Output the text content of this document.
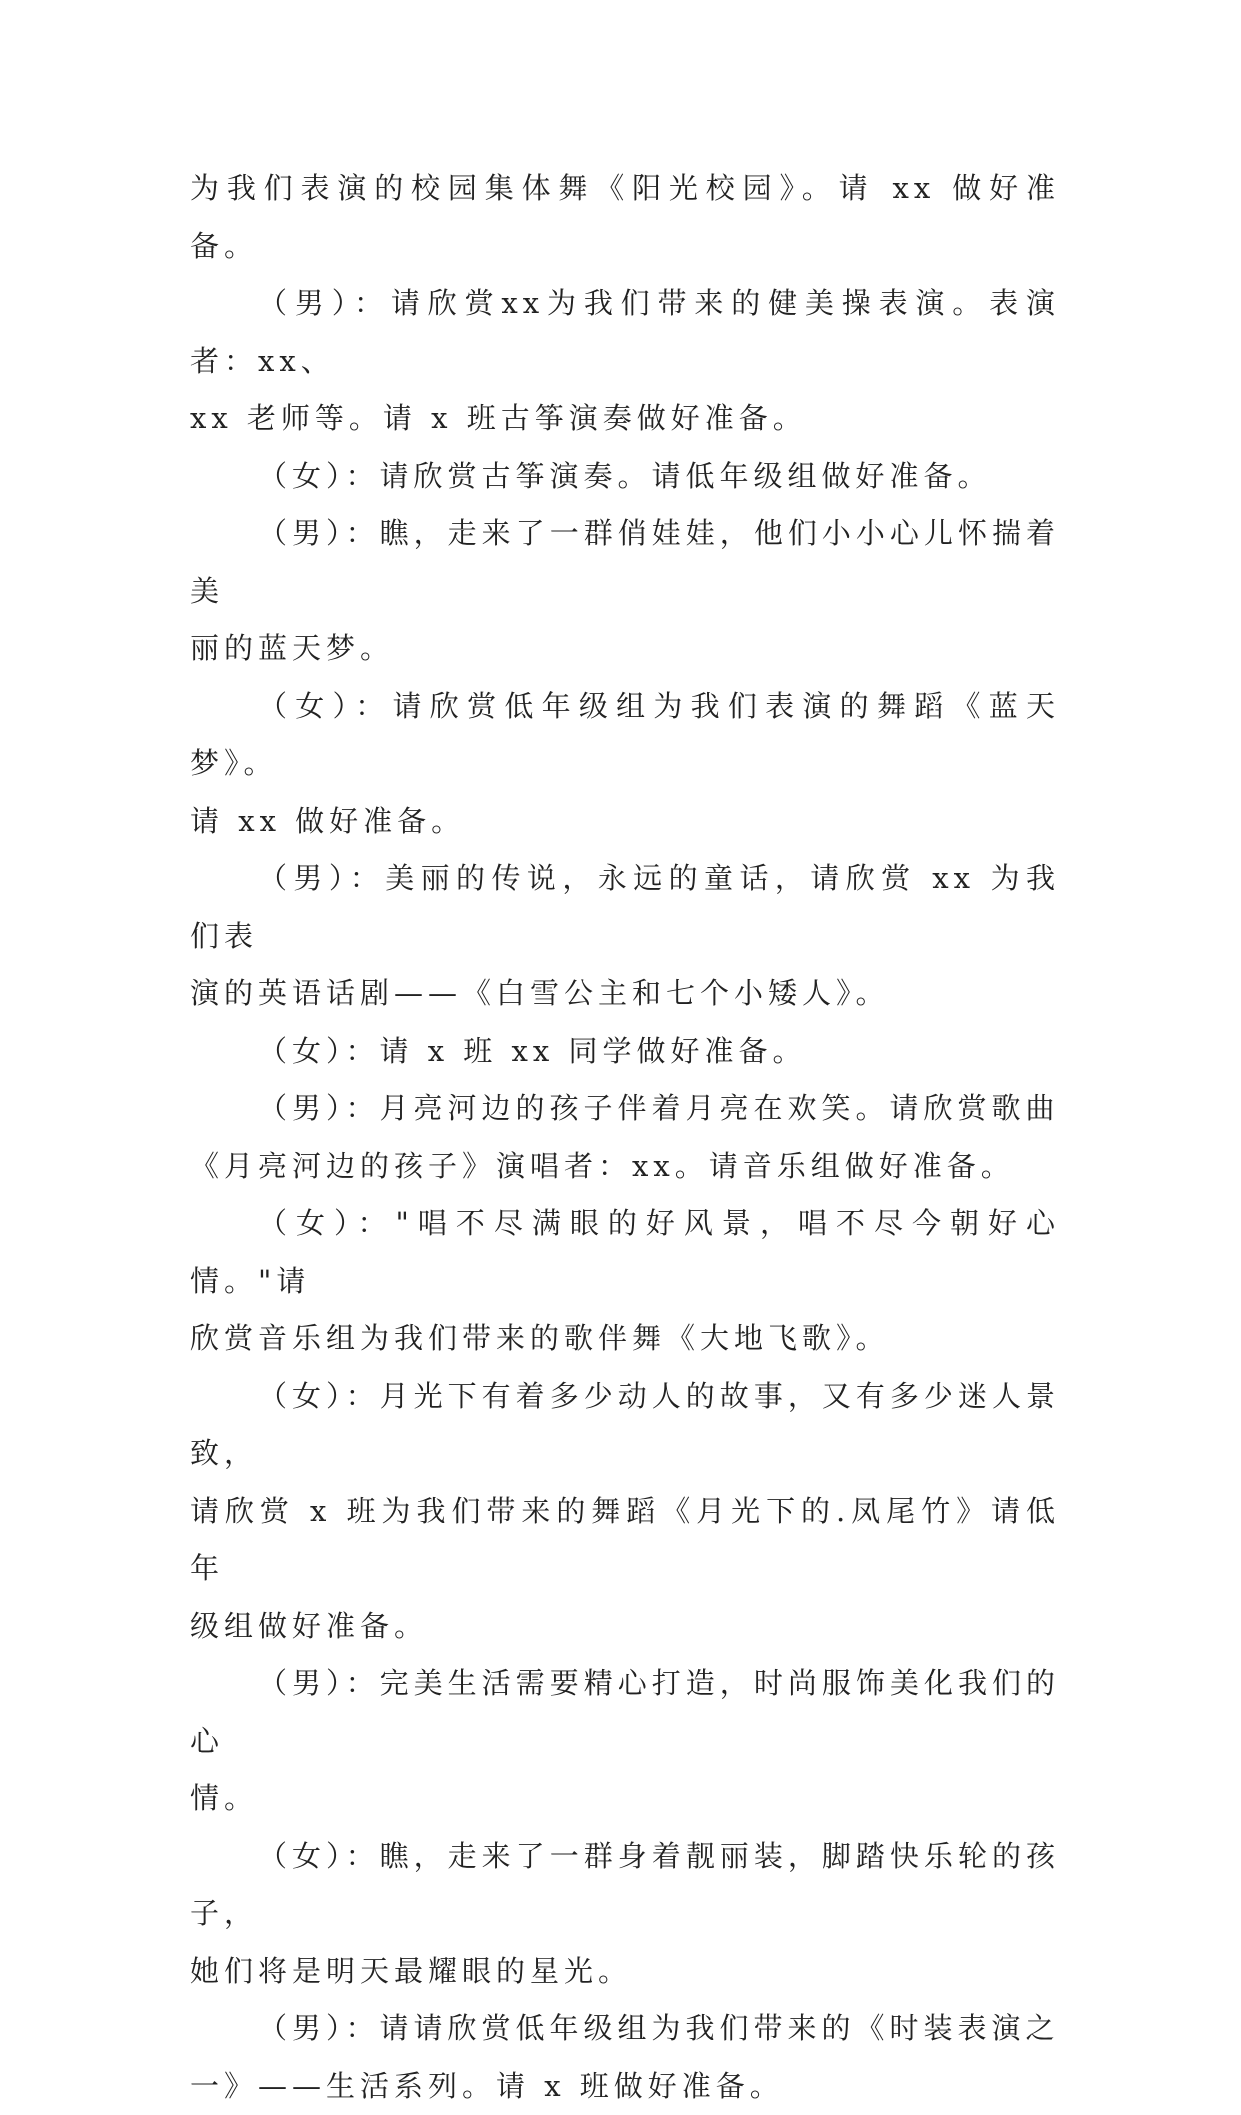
为我们表演的校园集体舞《阳光校园》。请 xx 做好准备。

（男）：请欣赏xx为我们带来的健美操表演。表演者：xx、
xx 老师等。请 x 班古筝演奏做好准备。

（女）：请欣赏古筝演奏。请低年级组做好准备。

（男）：瞧，走来了一群俏娃娃，他们小小心儿怀揣着美
丽的蓝天梦。

（女）：请欣赏低年级组为我们表演的舞蹈《蓝天梦》。
请 xx 做好准备。

（男）：美丽的传说，永远的童话，请欣赏 xx 为我们表
演的英语话剧——《白雪公主和七个小矮人》。

（女）：请 x 班 xx 同学做好准备。

（男）：月亮河边的孩子伴着月亮在欢笑。请欣赏歌曲
《月亮河边的孩子》演唱者：xx。请音乐组做好准备。

（女）："唱不尽满眼的好风景，唱不尽今朝好心情。"请
欣赏音乐组为我们带来的歌伴舞《大地飞歌》。

（女）：月光下有着多少动人的故事，又有多少迷人景致，
请欣赏 x 班为我们带来的舞蹈《月光下的.凤尾竹》请低年
级组做好准备。

（男）：完美生活需要精心打造，时尚服饰美化我们的心
情。

（女）：瞧，走来了一群身着靓丽装，脚踏快乐轮的孩子，
她们将是明天最耀眼的星光。

（男）：请请欣赏低年级组为我们带来的《时装表演之
一》——生活系列。请 x 班做好准备。
